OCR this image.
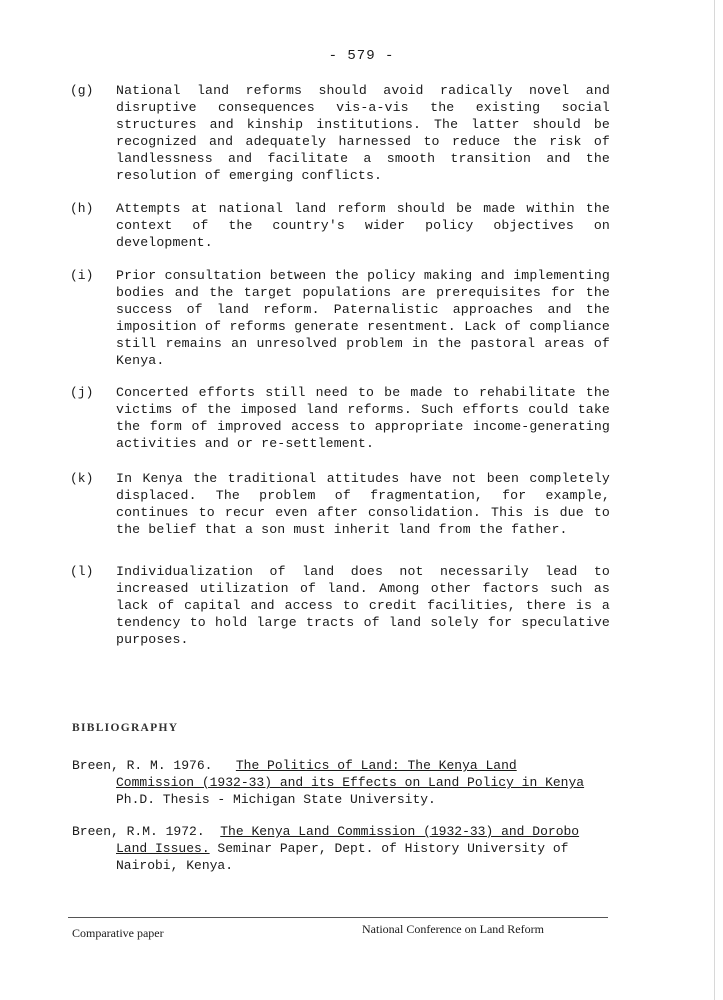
- 579 -
(g)	National land reforms should avoid radically novel and disruptive consequences vis-a-vis the existing social structures and kinship institutions. The latter should be recognized and adequately harnessed to reduce the risk of landlessness and facilitate a smooth transition and the resolution of emerging conflicts.
(h)	Attempts at national land reform should be made within the context of the country's wider policy objectives on development.
(i)	Prior consultation between the policy making and implementing bodies and the target populations are prerequisites for the success of land reform. Paternalistic approaches and the imposition of reforms generate resentment. Lack of compliance still remains an unresolved problem in the pastoral areas of Kenya.
(j)	Concerted efforts still need to be made to rehabilitate the victims of the imposed land reforms. Such efforts could take the form of improved access to appropriate income-generating activities and or re-settlement.
(k)	In Kenya the traditional attitudes have not been completely displaced. The problem of fragmentation, for example, continues to recur even after consolidation. This is due to the belief that a son must inherit land from the father.
(l)	Individualization of land does not necessarily lead to increased utilization of land. Among other factors such as lack of capital and access to credit facilities, there is a tendency to hold large tracts of land solely for speculative purposes.
BIBLIOGRAPHY
Breen, R. M. 1976. The Politics of Land: The Kenya Land
Commission (1932-33) and its Effects on Land Policy in Kenya
Ph.D. Thesis - Michigan State University.
Breen, R.M. 1972. The Kenya Land Commission (1932-33) and Dorobo
Land Issues. Seminar Paper, Dept. of History University of
Nairobi, Kenya.
Comparative paper	National Conference on Land Reform
